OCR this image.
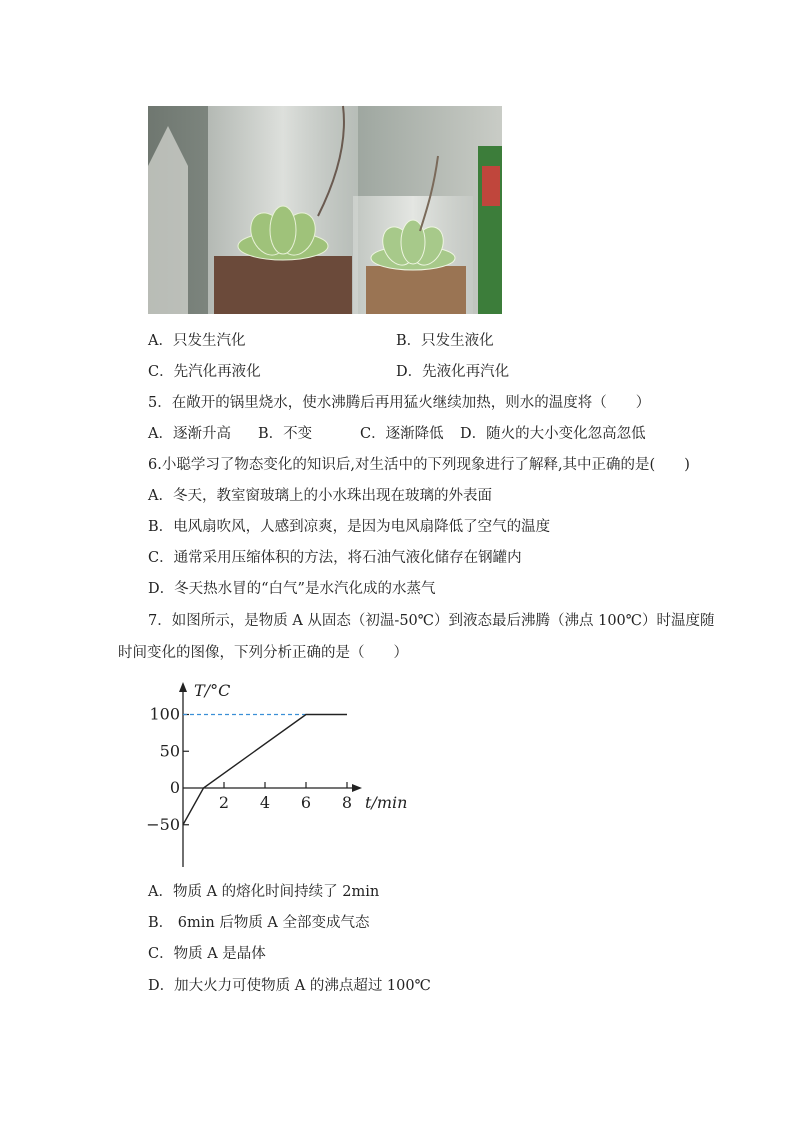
A．只发生汽化	B．只发生液化
C．先汽化再液化	D．先液化再汽化
5．在敞开的锅里烧水，使水沸腾后再用猛火继续加热，则水的温度将（　　）
A．逐渐升高 B．不变	C．逐渐降低 D．随火的大小变化忽高忽低
6.小聪学习了物态变化的知识后,对生活中的下列现象进行了解释,其中正确的是(　　)
A．冬天，教室窗玻璃上的小水珠出现在玻璃的外表面
B．电风扇吹风，人感到凉爽，是因为电风扇降低了空气的温度
C．通常采用压缩体积的方法，将石油气液化储存在钢罐内
D．冬天热水冒的“白气”是水汽化成的水蒸气
7．如图所示，是物质 A 从固态（初温-50℃）到液态最后沸腾（沸点 100℃）时温度随
时间变化的图像，下列分析正确的是（　　）
T/°C
t/min
2 4 6 8
100
50
0
−50
A．物质 A 的熔化时间持续了 2min
B． 6min 后物质 A 全部变成气态
C．物质 A 是晶体
D．加大火力可使物质 A 的沸点超过 100℃
